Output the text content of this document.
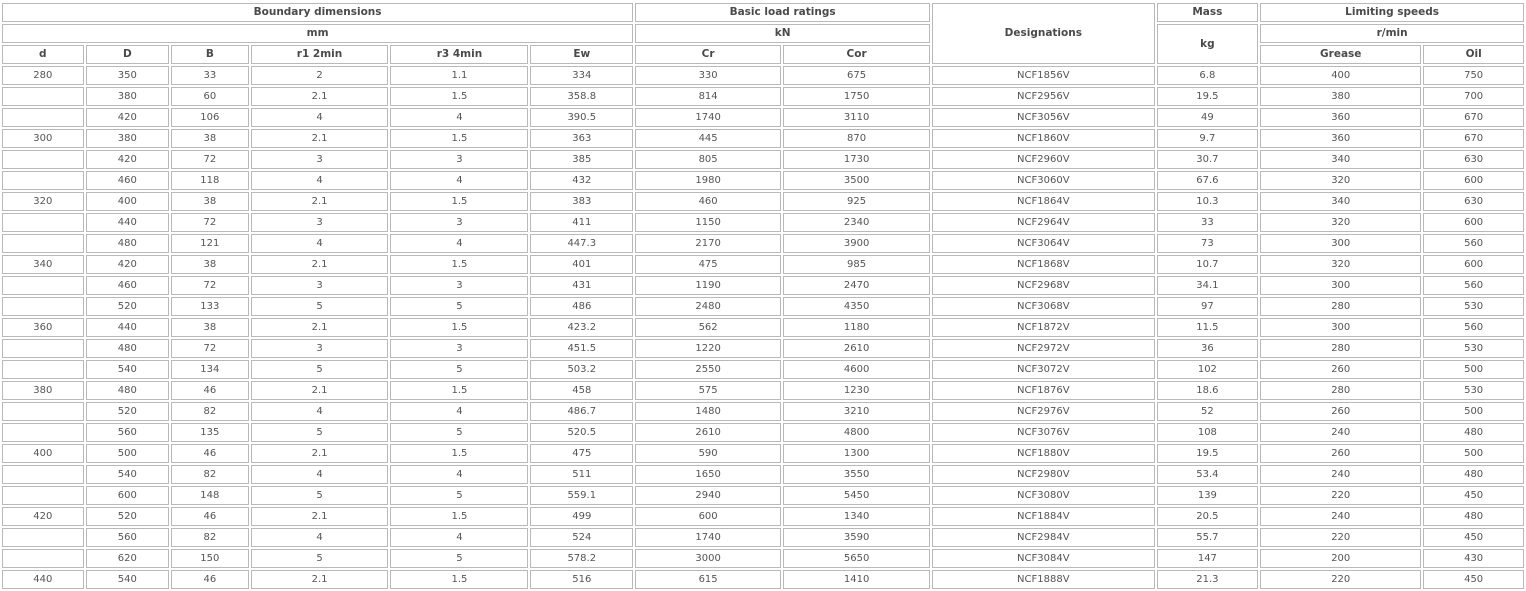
Boundary dimensions						Basic load ratings		Designations	Mass	Limiting speeds	
mm						kN			kg	r/min	
d	D	B	r1 2min	r3 4min	Ew	Cr	Cor			Grease	Oil
280	350	33	2	1.1	334	330	675	NCF1856V	6.8	400	750
	380	60	2.1	1.5	358.8	814	1750	NCF2956V	19.5	380	700
	420	106	4	4	390.5	1740	3110	NCF3056V	49	360	670
300	380	38	2.1	1.5	363	445	870	NCF1860V	9.7	360	670
	420	72	3	3	385	805	1730	NCF2960V	30.7	340	630
	460	118	4	4	432	1980	3500	NCF3060V	67.6	320	600
320	400	38	2.1	1.5	383	460	925	NCF1864V	10.3	340	630
	440	72	3	3	411	1150	2340	NCF2964V	33	320	600
	480	121	4	4	447.3	2170	3900	NCF3064V	73	300	560
340	420	38	2.1	1.5	401	475	985	NCF1868V	10.7	320	600
	460	72	3	3	431	1190	2470	NCF2968V	34.1	300	560
	520	133	5	5	486	2480	4350	NCF3068V	97	280	530
360	440	38	2.1	1.5	423.2	562	1180	NCF1872V	11.5	300	560
	480	72	3	3	451.5	1220	2610	NCF2972V	36	280	530
	540	134	5	5	503.2	2550	4600	NCF3072V	102	260	500
380	480	46	2.1	1.5	458	575	1230	NCF1876V	18.6	280	530
	520	82	4	4	486.7	1480	3210	NCF2976V	52	260	500
	560	135	5	5	520.5	2610	4800	NCF3076V	108	240	480
400	500	46	2.1	1.5	475	590	1300	NCF1880V	19.5	260	500
	540	82	4	4	511	1650	3550	NCF2980V	53.4	240	480
	600	148	5	5	559.1	2940	5450	NCF3080V	139	220	450
420	520	46	2.1	1.5	499	600	1340	NCF1884V	20.5	240	480
	560	82	4	4	524	1740	3590	NCF2984V	55.7	220	450
	620	150	5	5	578.2	3000	5650	NCF3084V	147	200	430
440	540	46	2.1	1.5	516	615	1410	NCF1888V	21.3	220	450
